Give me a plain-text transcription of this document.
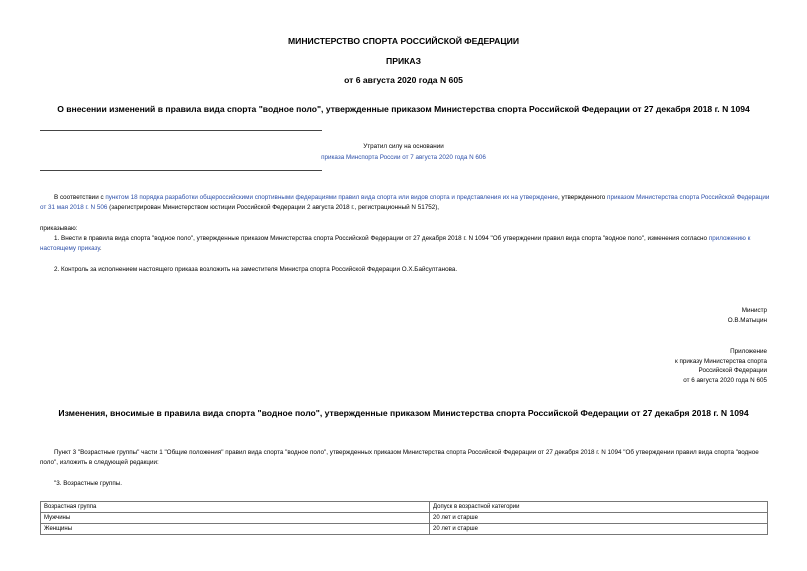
МИНИСТЕРСТВО СПОРТА РОССИЙСКОЙ ФЕДЕРАЦИИ
ПРИКАЗ
от 6 августа 2020 года N 605
О внесении изменений в правила вида спорта "водное поло", утвержденные приказом Министерства спорта Российской Федерации от 27 декабря 2018 г. N 1094
Утратил силу на основании
приказа Минспорта России от 7 августа 2020 года N 606
В соответствии с пунктом 18 порядка разработки общероссийскими спортивными федерациями правил вида спорта или видов спорта и представления их на утверждение, утвержденного приказом Министерства спорта Российской Федерации от 31 мая 2018 г. N 506 (зарегистрирован Министерством юстиции Российской Федерации 2 августа 2018 г., регистрационный N 51752),
приказываю:
1. Внести в правила вида спорта "водное поло", утвержденные приказом Министерства спорта Российской Федерации от 27 декабря 2018 г. N 1094 "Об утверждении правил вида спорта "водное поло", изменения согласно приложению к настоящему приказу.
2. Контроль за исполнением настоящего приказа возложить на заместителя Министра спорта Российской Федерации О.Х.Байсултанова.
Министр
О.В.Матыцин
Приложение
к приказу Министерства спорта
Российской Федерации
от 6 августа 2020 года N 605
Изменения, вносимые в правила вида спорта "водное поло", утвержденные приказом Министерства спорта Российской Федерации от 27 декабря 2018 г. N 1094
Пункт 3 "Возрастные группы" части 1 "Общие положения" правил вида спорта "водное поло", утвержденных приказом Министерства спорта Российской Федерации от 27 декабря 2018 г. N 1094 "Об утверждении правил вида спорта "водное поло", изложить в следующей редакции:
"3. Возрастные группы.
Возрастная группа	Допуск в возрастной категории
Мужчины	20 лет и старше
Женщины	20 лет и старше
